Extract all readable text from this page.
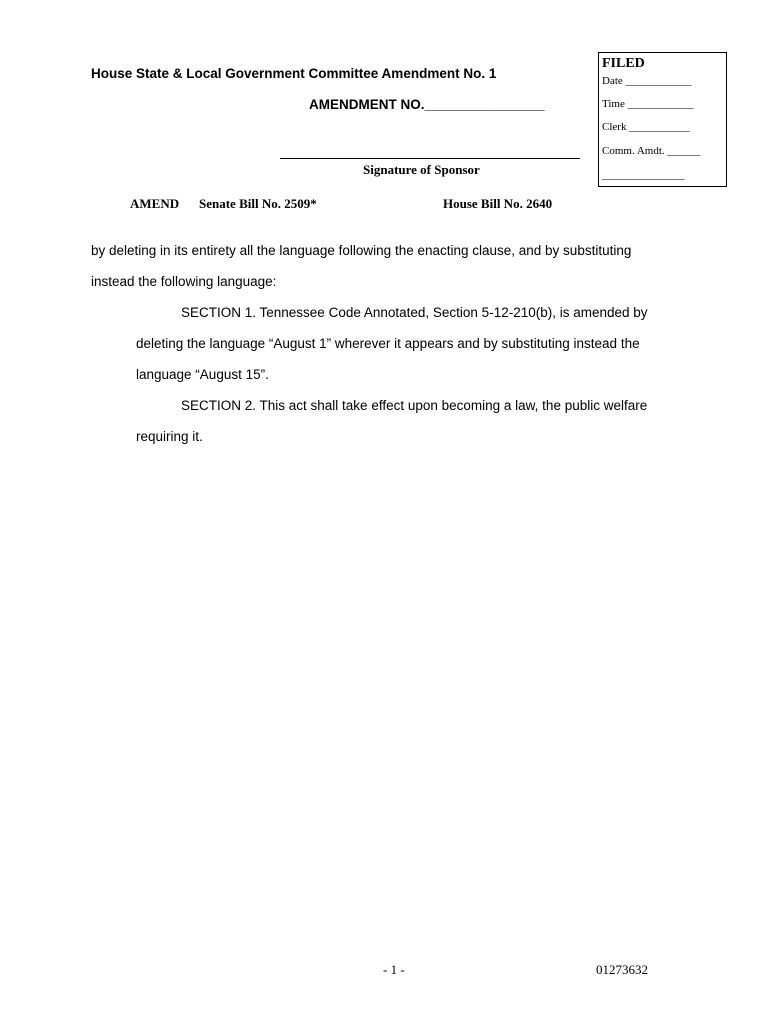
FILED
Date ____________
Time ____________
Clerk ___________
Comm. Amdt. ______
_______________
House State & Local Government Committee Amendment No. 1
AMENDMENT NO.________________
Signature of Sponsor
AMEND Senate Bill No. 2509*	House Bill No. 2640
by deleting in its entirety all the language following the enacting clause, and by substituting
instead the following language:
SECTION 1. Tennessee Code Annotated, Section 5-12-210(b), is amended by
deleting the language “August 1” wherever it appears and by substituting instead the
language “August 15”.
SECTION 2. This act shall take effect upon becoming a law, the public welfare
requiring it.
- 1 -	01273632
